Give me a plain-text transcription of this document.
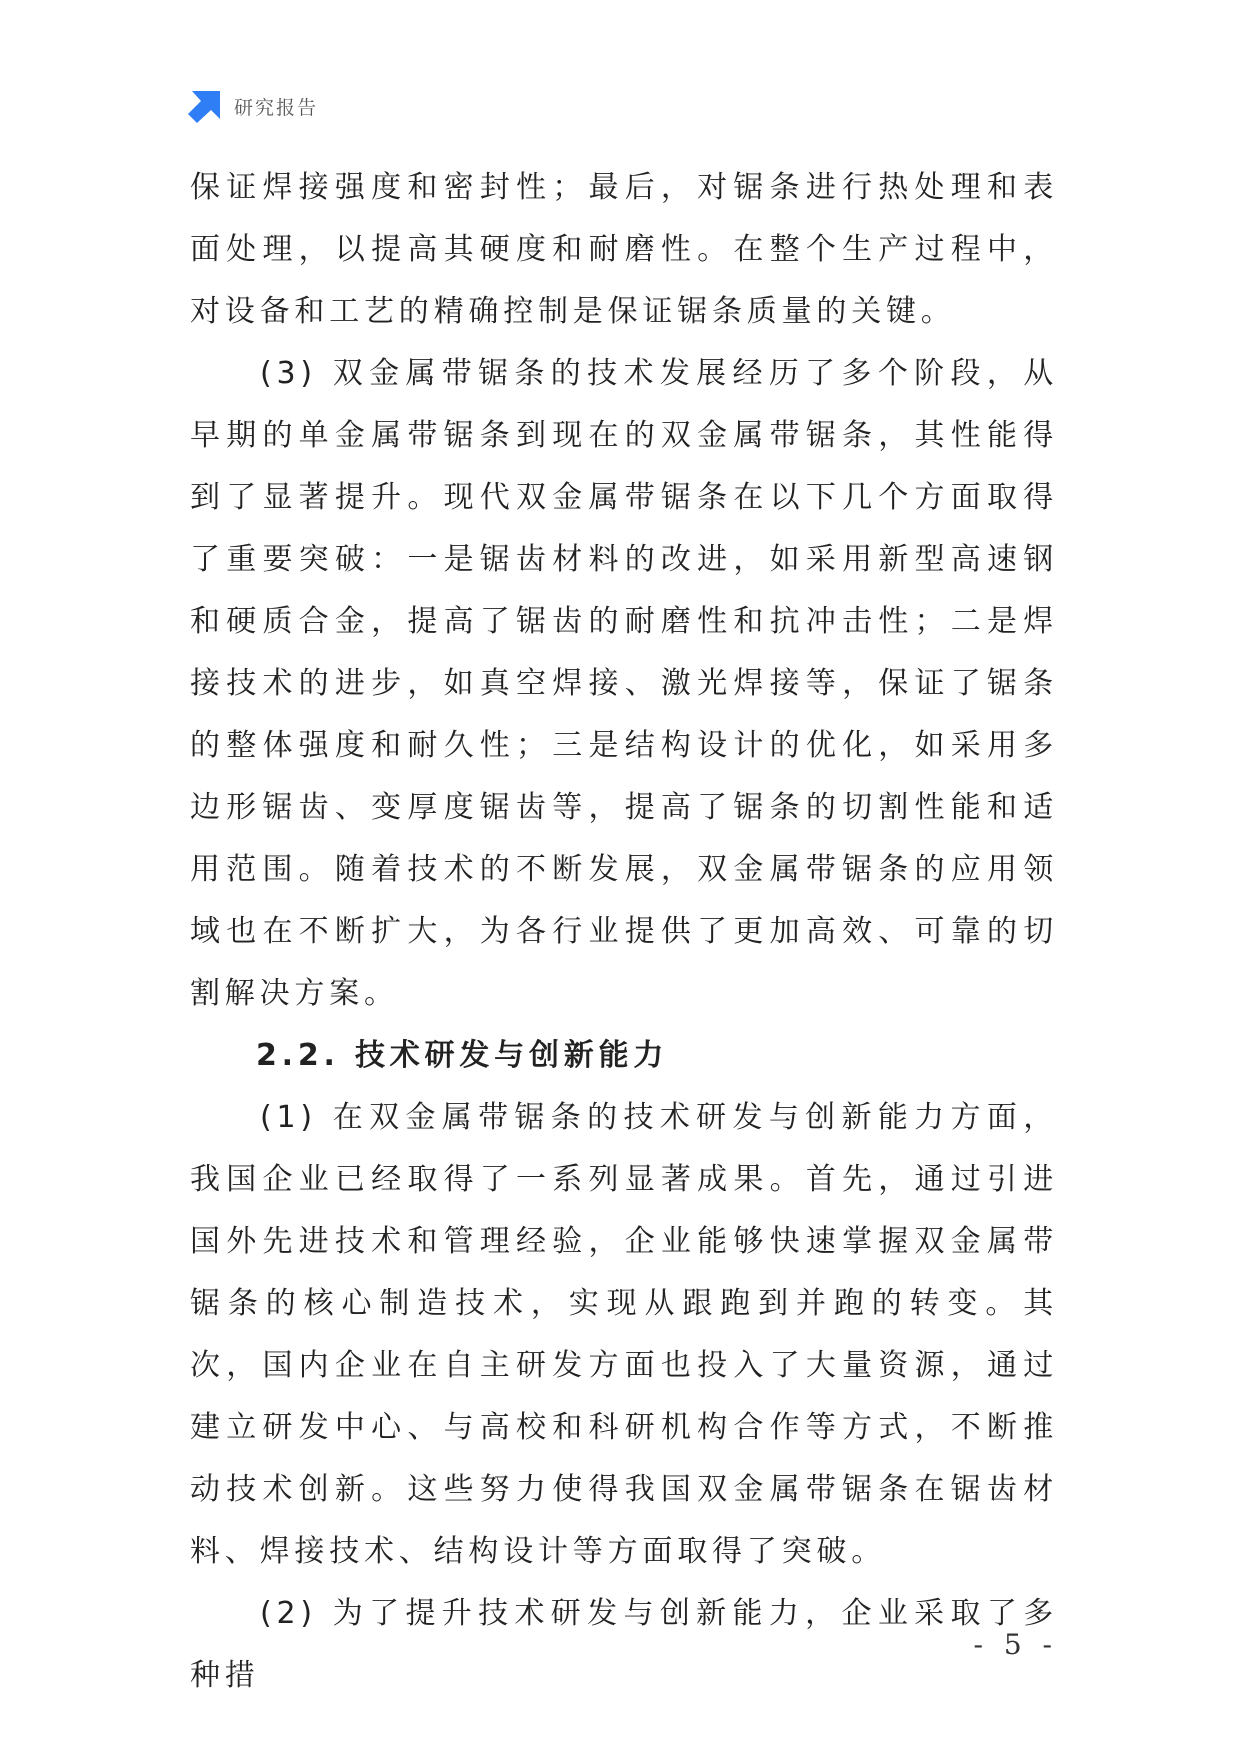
研究报告

保证焊接强度和密封性；最后，对锯条进行热处理和表面处理，以提高其硬度和耐磨性。在整个生产过程中，对设备和工艺的精确控制是保证锯条质量的关键。

(3) 双金属带锯条的技术发展经历了多个阶段，从早期的单金属带锯条到现在的双金属带锯条，其性能得到了显著提升。现代双金属带锯条在以下几个方面取得了重要突破：一是锯齿材料的改进，如采用新型高速钢和硬质合金，提高了锯齿的耐磨性和抗冲击性；二是焊接技术的进步，如真空焊接、激光焊接等，保证了锯条的整体强度和耐久性；三是结构设计的优化，如采用多边形锯齿、变厚度锯齿等，提高了锯条的切割性能和适用范围。随着技术的不断发展，双金属带锯条的应用领域也在不断扩大，为各行业提供了更加高效、可靠的切割解决方案。

2.2. 技术研发与创新能力

(1) 在双金属带锯条的技术研发与创新能力方面，我国企业已经取得了一系列显著成果。首先，通过引进国外先进技术和管理经验，企业能够快速掌握双金属带锯条的核心制造技术，实现从跟跑到并跑的转变。其次，国内企业在自主研发方面也投入了大量资源，通过建立研发中心、与高校和科研机构合作等方式，不断推动技术创新。这些努力使得我国双金属带锯条在锯齿材料、焊接技术、结构设计等方面取得了突破。

(2) 为了提升技术研发与创新能力，企业采取了多种措

- 5 -
